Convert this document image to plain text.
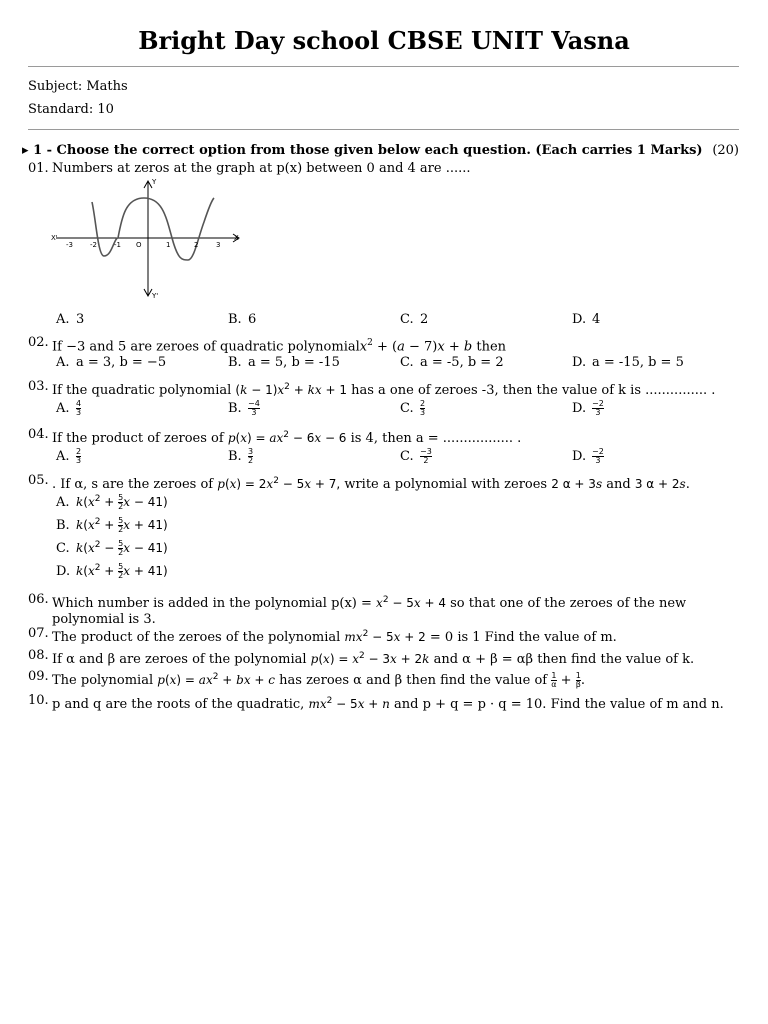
Bright Day school CBSE UNIT Vasna
Subject: Maths
Standard: 10
▸ 1 - Choose the correct option from those given below each question. (Each carries 1 Marks) (20)
01. Numbers at zeros at the graph at p(x) between 0 and 4 are ......
Y
Y'
X'	X
-3 -2 -1 O	1	2	3
A. 3	B. 6	C. 2	D. 4
02. If −3 and 5 are zeroes of quadratic polynomialx$^2$ + (a − 7)x + b then
A. a = 3, b = −5	B. a = 5, b = -15	C. a = -5, b = 2	D. a = -15, b = 5
03. If the quadratic polynomial $(k - 1)x^2$ + kx + 1 has a one of zeroes -3, then the value of k is ............... .
A. $\frac{4}{3}$	B. $\frac{-4}{3}$	C. $\frac{2}{3}$	D. $\frac{-2}{3}$
04. If the product of zeroes of $p(x) = ax^2 - 6x - 6$ is 4, then a = ................. .
A. $\frac{2}{3}$	B. $\frac{3}{2}$	C. $\frac{-3}{2}$	D. $\frac{-2}{3}$
05. . If α, s are the zeroes of $p(x) = 2x^2 - 5x + 7$, write a polynomial with zeroes 2 α + 3s and 3 α + 2s.
A. $k(x^2 + \frac{5}{2}$ x − 41)
B. $k(x^2 + \frac{5}{2}$ x + 41)
C. $k(x^2 - \frac{5}{2}$ x − 41)
D. $k(x^2 + \frac{5}{2}$ x + 41)
06. Which number is added in the polynomial $p(x) = x^2 - 5x + 4$ so that one of the zeroes of the new polynomial is 3.
07. The product of the zeroes of the polynomial $mx^2 - 5x + 2 = 0$ is 1 Find the value of m.
08. If α and β are zeroes of the polynomial $p(x) = x^2 - 3x + 2k$ and α + β = αβ then find the value of k.
09. The polynomial $p(x) = ax^2$ + bx + c has zeroes α and β then find the value of $\frac{1}{\alpha} + \frac{1}{\beta}$ .
10. p and q are the roots of the quadratic, $mx^2 - 5x + n$ and p + q = p · q = 10. Find the value of m and n.
